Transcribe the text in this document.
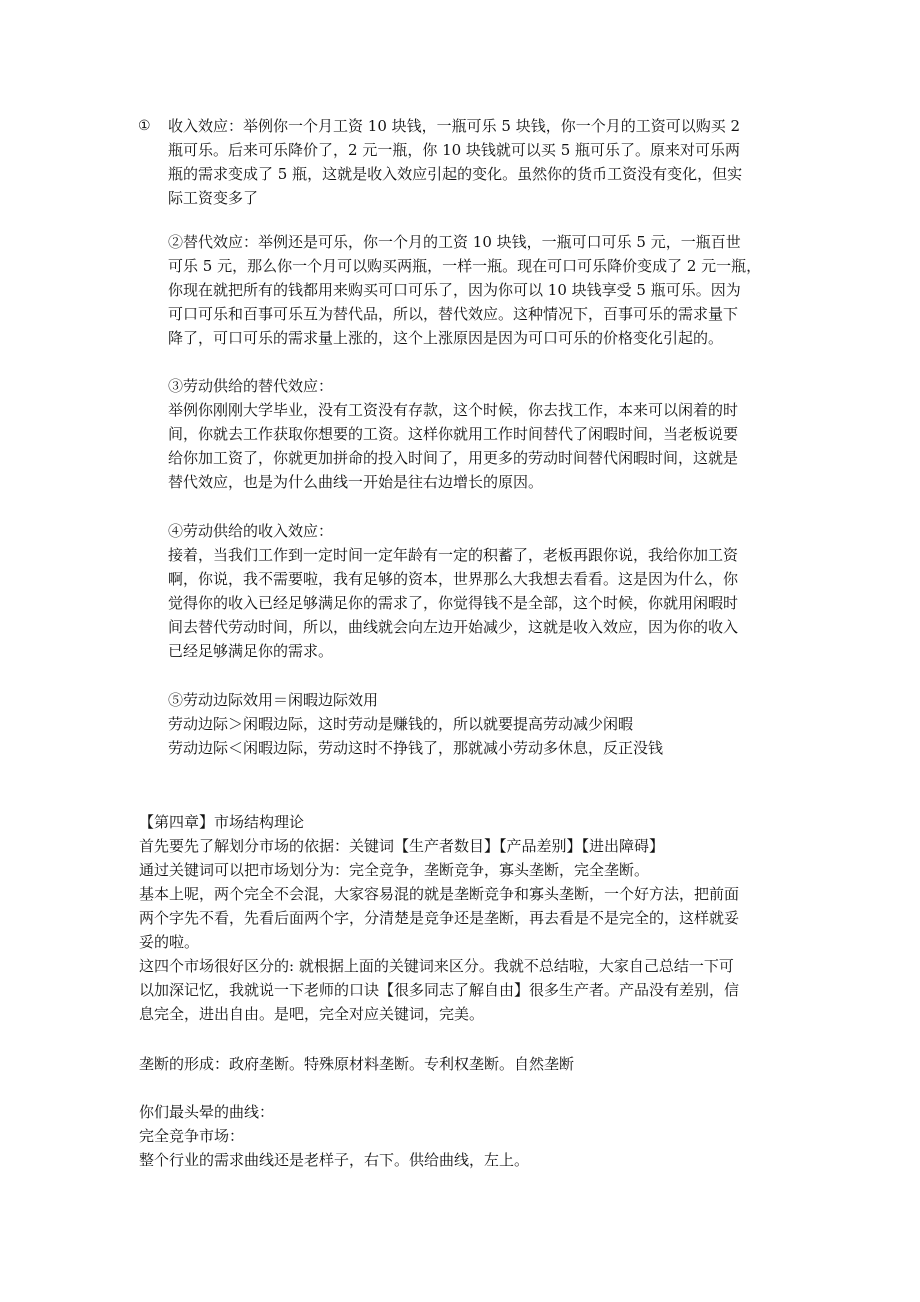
① 收入效应：举例你一个月工资 10 块钱，一瓶可乐 5 块钱，你一个月的工资可以购买 2
瓶可乐。后来可乐降价了，2 元一瓶，你 10 块钱就可以买 5 瓶可乐了。原来对可乐两
瓶的需求变成了 5 瓶，这就是收入效应引起的变化。虽然你的货币工资没有变化，但实
际工资变多了
②替代效应：举例还是可乐，你一个月的工资 10 块钱，一瓶可口可乐 5 元，一瓶百世
可乐 5 元，那么你一个月可以购买两瓶，一样一瓶。现在可口可乐降价变成了 2 元一瓶，
你现在就把所有的钱都用来购买可口可乐了，因为你可以 10 块钱享受 5 瓶可乐。因为
可口可乐和百事可乐互为替代品，所以，替代效应。这种情况下，百事可乐的需求量下
降了，可口可乐的需求量上涨的，这个上涨原因是因为可口可乐的价格变化引起的。
③劳动供给的替代效应：
举例你刚刚大学毕业，没有工资没有存款，这个时候，你去找工作，本来可以闲着的时
间，你就去工作获取你想要的工资。这样你就用工作时间替代了闲暇时间，当老板说要
给你加工资了，你就更加拼命的投入时间了，用更多的劳动时间替代闲暇时间，这就是
替代效应，也是为什么曲线一开始是往右边增长的原因。
④劳动供给的收入效应：
接着，当我们工作到一定时间一定年龄有一定的积蓄了，老板再跟你说，我给你加工资
啊，你说，我不需要啦，我有足够的资本，世界那么大我想去看看。这是因为什么，你
觉得你的收入已经足够满足你的需求了，你觉得钱不是全部，这个时候，你就用闲暇时
间去替代劳动时间，所以，曲线就会向左边开始减少，这就是收入效应，因为你的收入
已经足够满足你的需求。
⑤劳动边际效用＝闲暇边际效用
劳动边际＞闲暇边际，这时劳动是赚钱的，所以就要提高劳动减少闲暇
劳动边际＜闲暇边际，劳动这时不挣钱了，那就减小劳动多休息，反正没钱
【第四章】市场结构理论
首先要先了解划分市场的依据：关键词【生产者数目】【产品差别】【进出障碍】
通过关键词可以把市场划分为：完全竞争，垄断竞争，寡头垄断，完全垄断。
基本上呢，两个完全不会混，大家容易混的就是垄断竞争和寡头垄断，一个好方法，把前面
两个字先不看，先看后面两个字，分清楚是竞争还是垄断，再去看是不是完全的，这样就妥
妥的啦。
这四个市场很好区分的: 就根据上面的关键词来区分。我就不总结啦，大家自己总结一下可
以加深记忆，我就说一下老师的口诀【很多同志了解自由】很多生产者。产品没有差别，信
息完全，进出自由。是吧，完全对应关键词，完美。
垄断的形成：政府垄断。特殊原材料垄断。专利权垄断。自然垄断
你们最头晕的曲线：
完全竞争市场：
整个行业的需求曲线还是老样子，右下。供给曲线，左上。
